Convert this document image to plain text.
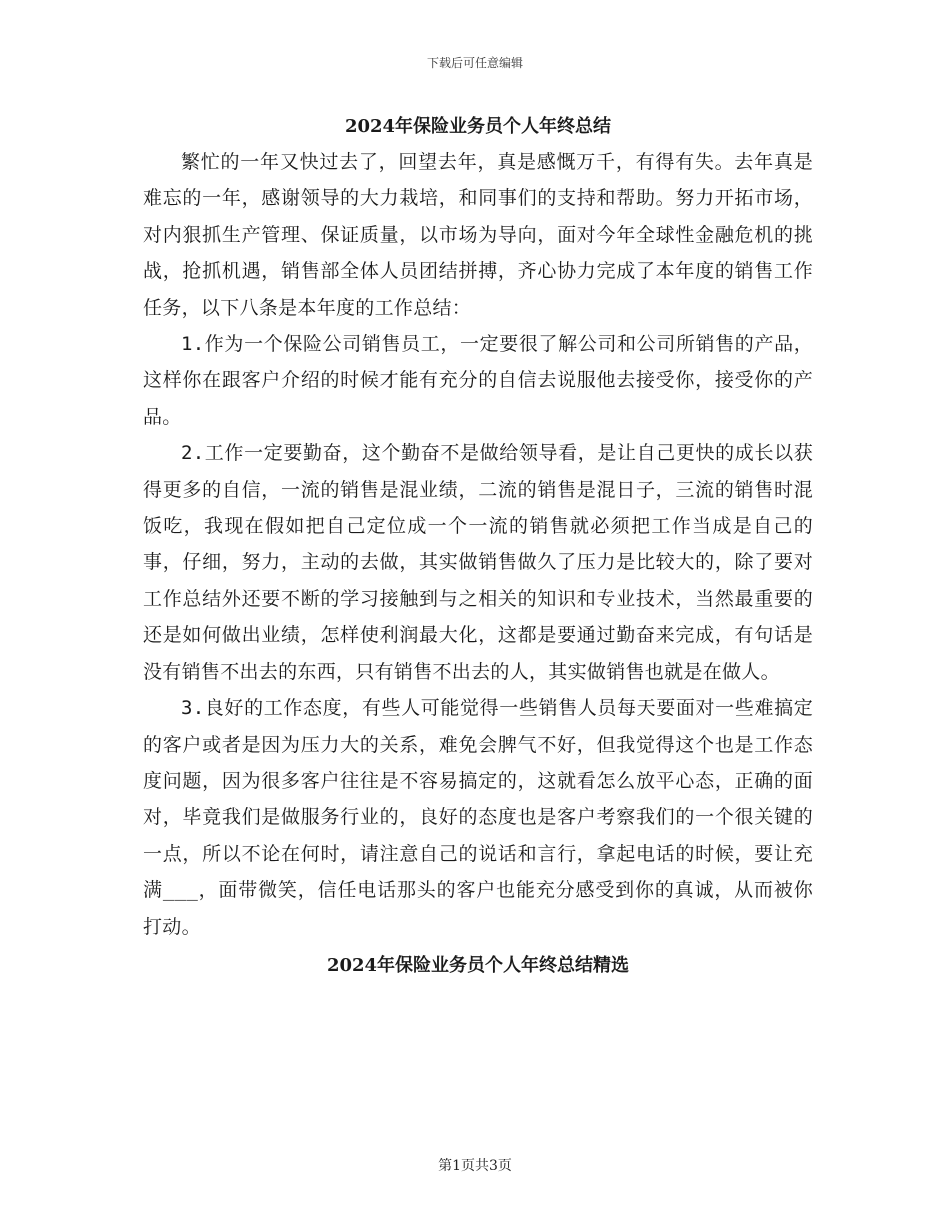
下载后可任意编辑
2024年保险业务员个人年终总结

繁忙的一年又快过去了，回望去年，真是感慨万千，有得有失。去年真是难忘的一年，感谢领导的大力栽培，和同事们的支持和帮助。努力开拓市场，对内狠抓生产管理、保证质量，以市场为导向，面对今年全球性金融危机的挑战，抢抓机遇，销售部全体人员团结拼搏，齐心协力完成了本年度的销售工作任务，以下八条是本年度的工作总结：

1.作为一个保险公司销售员工，一定要很了解公司和公司所销售的产品，这样你在跟客户介绍的时候才能有充分的自信去说服他去接受你，接受你的产品。

2.工作一定要勤奋，这个勤奋不是做给领导看，是让自己更快的成长以获得更多的自信，一流的销售是混业绩，二流的销售是混日子，三流的销售时混饭吃，我现在假如把自己定位成一个一流的销售就必须把工作当成是自己的事，仔细，努力，主动的去做，其实做销售做久了压力是比较大的，除了要对工作总结外还要不断的学习接触到与之相关的知识和专业技术，当然最重要的还是如何做出业绩，怎样使利润最大化，这都是要通过勤奋来完成，有句话是没有销售不出去的东西，只有销售不出去的人，其实做销售也就是在做人。

3.良好的工作态度，有些人可能觉得一些销售人员每天要面对一些难搞定的客户或者是因为压力大的关系，难免会脾气不好，但我觉得这个也是工作态度问题，因为很多客户往往是不容易搞定的，这就看怎么放平心态，正确的面对，毕竟我们是做服务行业的，良好的态度也是客户考察我们的一个很关键的一点，所以不论在何时，请注意自己的说话和言行，拿起电话的时候，要让充满___，面带微笑，信任电话那头的客户也能充分感受到你的真诚，从而被你打动。

2024年保险业务员个人年终总结精选
第1页共3页
